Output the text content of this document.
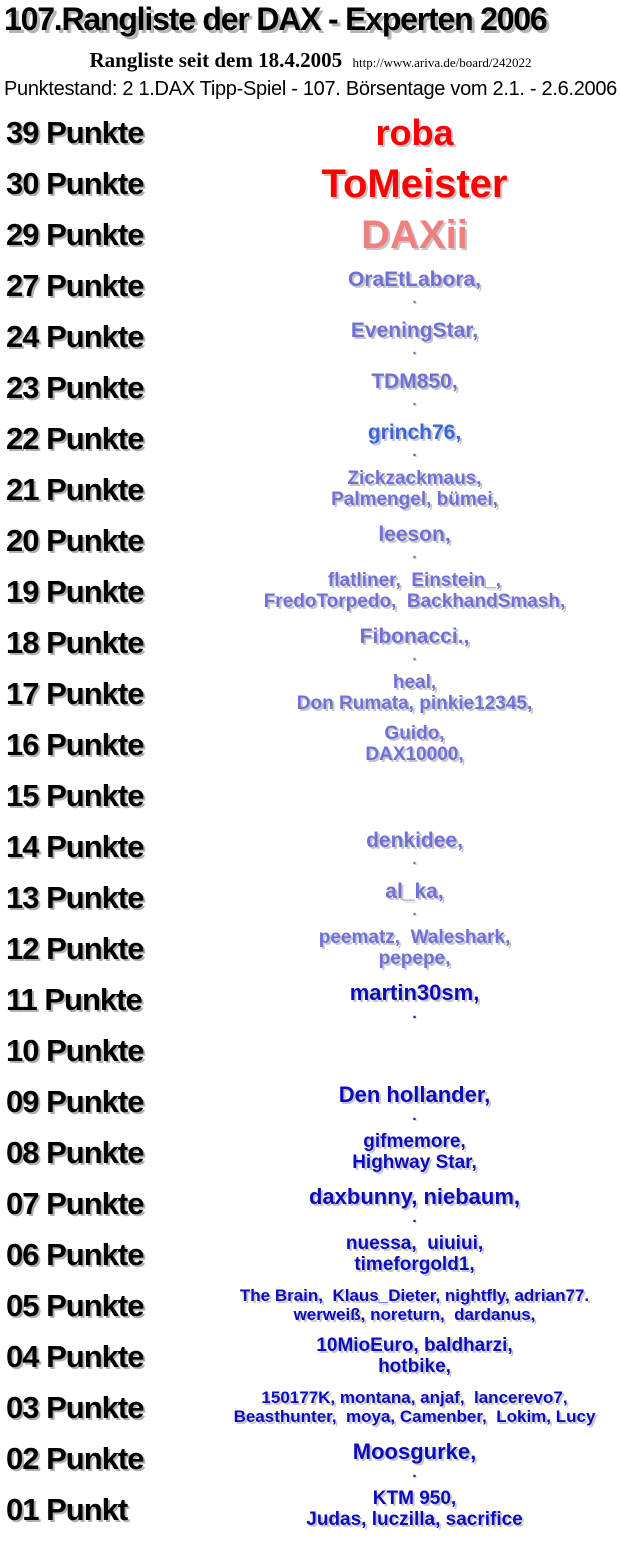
107.Rangliste der DAX - Experten 2006
Rangliste seit dem 18.4.2005 http://www.ariva.de/board/242022
Punktestand: 2 1.DAX Tipp-Spiel - 107. Börsentage vom 2.1. - 2.6.2006
39 Punkte	roba
30 Punkte	ToMeister
29 Punkte	DAXii
27 Punkte	OraEtLabora,
.
24 Punkte	EveningStar,
.
23 Punkte	TDM850,
.
22 Punkte	grinch76,
.
21 Punkte	Zickzackmaus,
Palmengel, bümei,
20 Punkte	leeson,
.
19 Punkte	flatliner,  Einstein_,
FredoTorpedo,  BackhandSmash,
18 Punkte	Fibonacci.,
.
17 Punkte	heal,
Don Rumata, pinkie12345,
16 Punkte	Guido,
DAX10000,
15 Punkte
14 Punkte	denkidee,
.
13 Punkte	al_ka,
.
12 Punkte	peematz,  Waleshark,
pepepe,
11 Punkte	martin30sm,
.
10 Punkte
09 Punkte	Den hollander,
.
08 Punkte	gifmemore,
Highway Star,
07 Punkte	daxbunny, niebaum,
.
06 Punkte	nuessa,  uiuiui,
timeforgold1,
05 Punkte	The Brain,  Klaus_Dieter, nightfly, adrian77.
werweiß, noreturn,  dardanus,
04 Punkte	10MioEuro, baldharzi,
hotbike,
03 Punkte	150177K, montana, anjaf,  lancerevo7,
Beasthunter,  moya, Camenber,  Lokim, Lucy
02 Punkte	Moosgurke,
.
01 Punkt	KTM 950,
Judas, luczilla, sacrifice
